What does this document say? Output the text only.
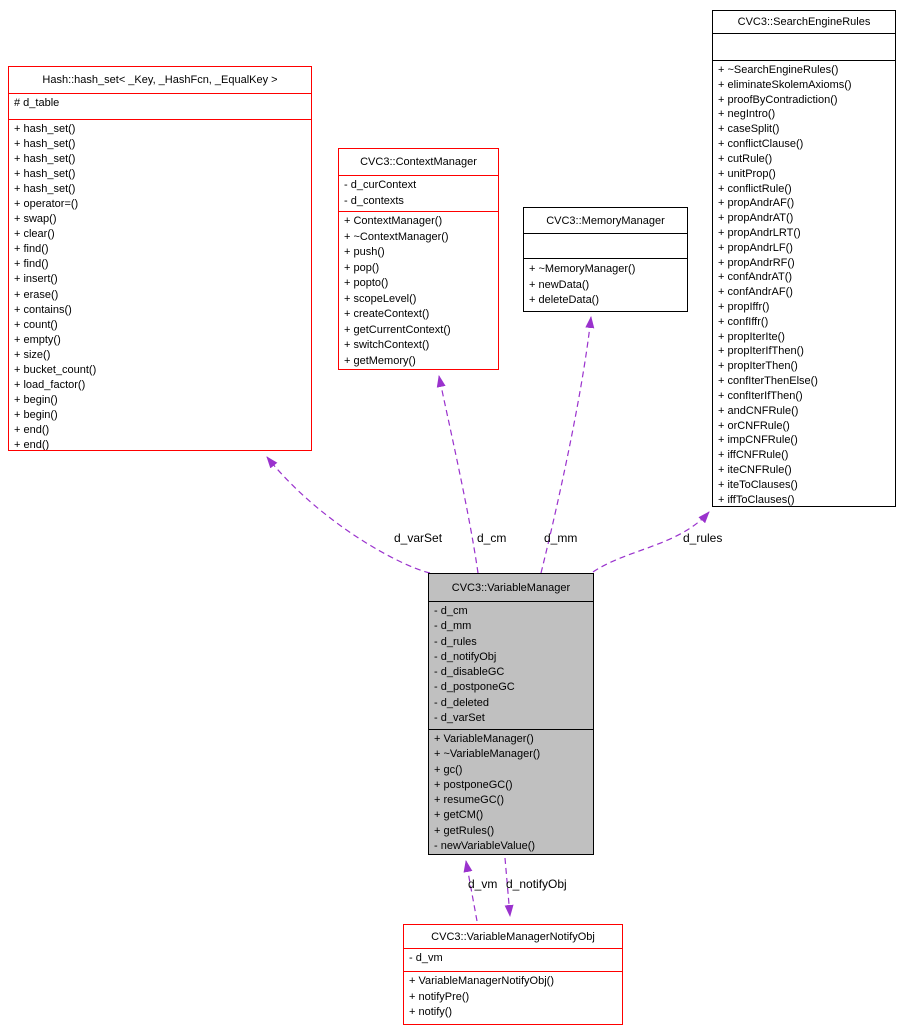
Hash::hash_set< _Key, _HashFcn, _EqualKey >
# d_table
+ hash_set()
+ hash_set()
+ hash_set()
+ hash_set()
+ hash_set()
+ operator=()
+ swap()
+ clear()
+ find()
+ find()
+ insert()
+ erase()
+ contains()
+ count()
+ empty()
+ size()
+ bucket_count()
+ load_factor()
+ begin()
+ begin()
+ end()
+ end()
CVC3::ContextManager
- d_curContext
- d_contexts
+ ContextManager()
+ ~ContextManager()
+ push()
+ pop()
+ popto()
+ scopeLevel()
+ createContext()
+ getCurrentContext()
+ switchContext()
+ getMemory()
CVC3::MemoryManager
+ ~MemoryManager()
+ newData()
+ deleteData()
CVC3::SearchEngineRules
+ ~SearchEngineRules()
+ eliminateSkolemAxioms()
+ proofByContradiction()
+ negIntro()
+ caseSplit()
+ conflictClause()
+ cutRule()
+ unitProp()
+ conflictRule()
+ propAndrAF()
+ propAndrAT()
+ propAndrLRT()
+ propAndrLF()
+ propAndrRF()
+ confAndrAT()
+ confAndrAF()
+ propIffr()
+ confIffr()
+ propIterIte()
+ propIterIfThen()
+ propIterThen()
+ confIterThenElse()
+ confIterIfThen()
+ andCNFRule()
+ orCNFRule()
+ impCNFRule()
+ iffCNFRule()
+ iteCNFRule()
+ iteToClauses()
+ iffToClauses()
CVC3::VariableManager
- d_cm
- d_mm
- d_rules
- d_notifyObj
- d_disableGC
- d_postponeGC
- d_deleted
- d_varSet
+ VariableManager()
+ ~VariableManager()
+ gc()
+ postponeGC()
+ resumeGC()
+ getCM()
+ getRules()
- newVariableValue()
CVC3::VariableManagerNotifyObj
- d_vm
+ VariableManagerNotifyObj()
+ notifyPre()
+ notify()
d_varSet	d_cm	d_mm	d_rules
d_vm d_notifyObj
